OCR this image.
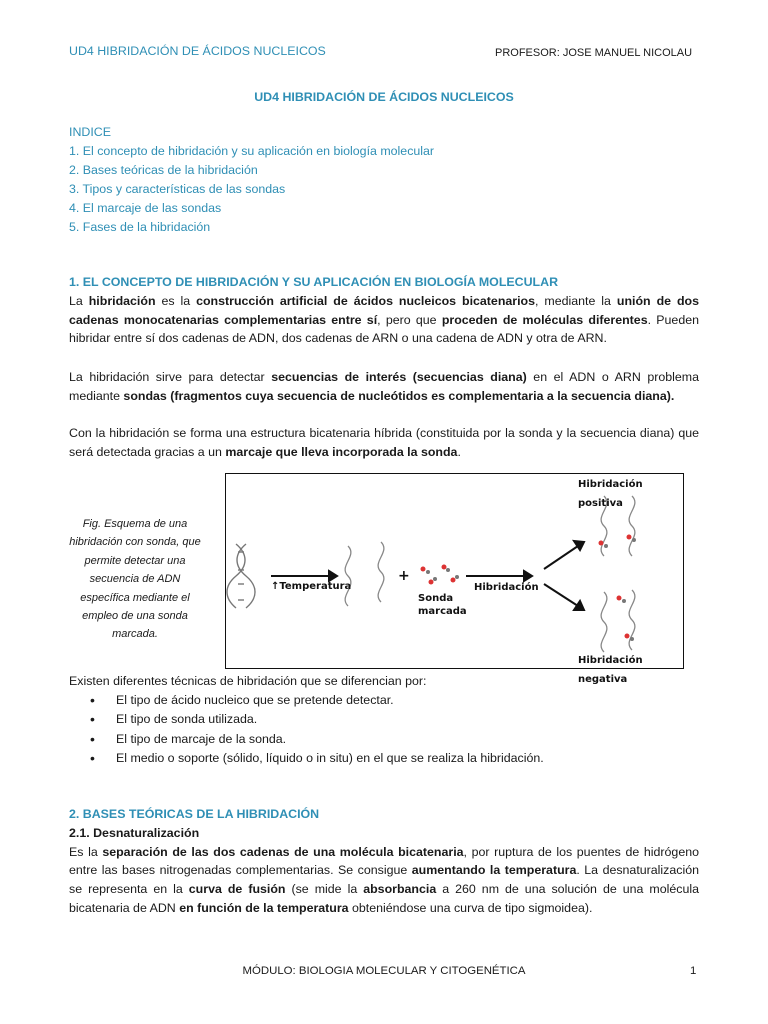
UD4 HIBRIDACIÓN DE ÁCIDOS NUCLEICOS	PROFESOR: JOSE MANUEL NICOLAU
UD4 HIBRIDACIÓN DE ÁCIDOS NUCLEICOS
INDICE
1. El concepto de hibridación y su aplicación en biología molecular
2. Bases teóricas de la hibridación
3. Tipos y características de las sondas
4. El marcaje de las sondas
5. Fases de la hibridación

1. EL CONCEPTO DE HIBRIDACIÓN Y SU APLICACIÓN EN BIOLOGÍA MOLECULAR

La hibridación es la construcción artificial de ácidos nucleicos bicatenarios, mediante la unión de dos cadenas monocatenarias complementarias entre sí, pero que proceden de moléculas diferentes. Pueden hibridar entre sí dos cadenas de ADN, dos cadenas de ARN o una cadena de ADN y otra de ARN.

La hibridación sirve para detectar secuencias de interés (secuencias diana) en el ADN o ARN problema mediante sondas (fragmentos cuya secuencia de nucleótidos es complementaria a la secuencia diana).

Con la hibridación se forma una estructura bicatenaria híbrida (constituida por la sonda y la secuencia diana) que será detectada gracias a un marcaje que lleva incorporada la sonda.

Fig. Esquema de una hibridación con sonda, que permite detectar una secuencia de ADN específica mediante el empleo de una sonda marcada.
+
↑Temperatura
Sonda
marcada
Hibridación
Hibridación positiva
Hibridación negativa

Existen diferentes técnicas de hibridación que se diferencian por:

• El tipo de ácido nucleico que se pretende detectar.
• El tipo de sonda utilizada.
• El tipo de marcaje de la sonda.
• El medio o soporte (sólido, líquido o in situ) en el que se realiza la hibridación.

2. BASES TEÓRICAS DE LA HIBRIDACIÓN

2.1. Desnaturalización

Es la separación de las dos cadenas de una molécula bicatenaria, por ruptura de los puentes de hidrógeno entre las bases nitrogenadas complementarias. Se consigue aumentando la temperatura. La desnaturalización se representa en la curva de fusión (se mide la absorbancia a 260 nm de una solución de una molécula bicatenaria de ADN en función de la temperatura obteniéndose una curva de tipo sigmoidea).

MÓDULO: BIOLOGIA MOLECULAR Y CITOGENÉTICA	1
